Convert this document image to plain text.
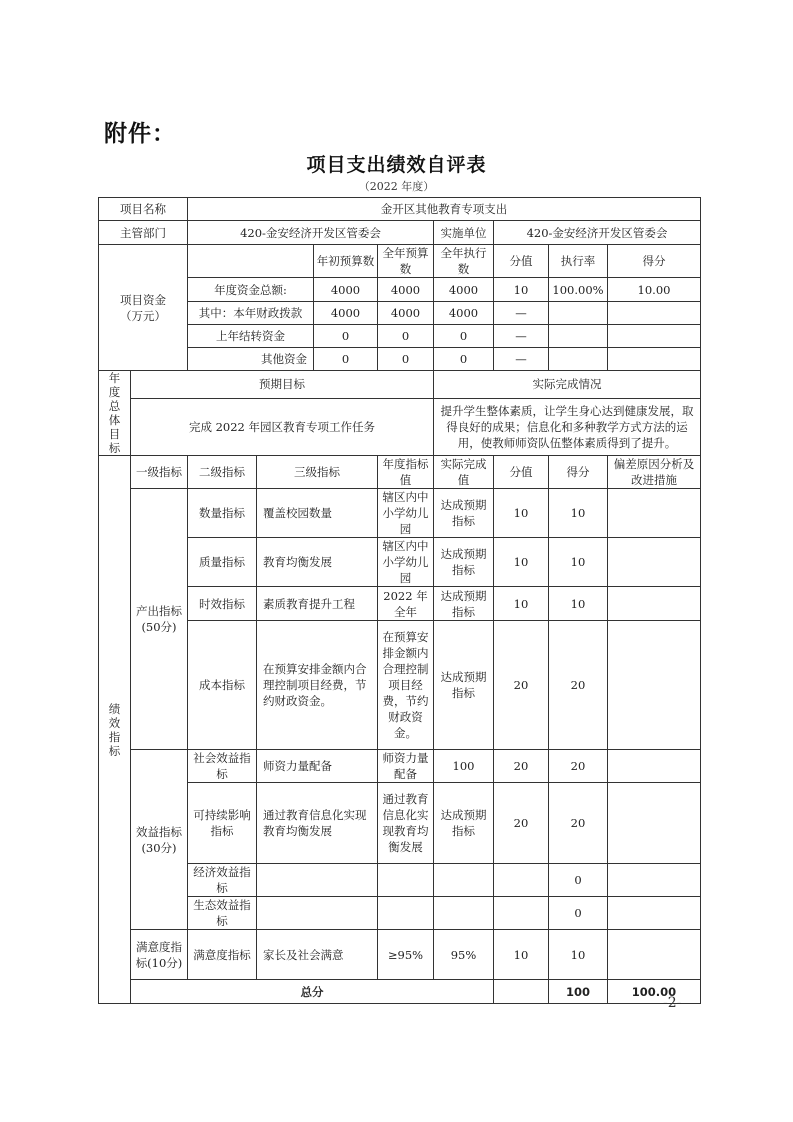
附件：
项目支出绩效自评表
（2022 年度）
项目名称		金开区其他教育专项支出								
主管部门		420-金安经济开发区管委会				实施单位	420-金安经济开发区管委会			

项目资金
（万元）				年初预算数	全年预算数	全年执行数	分值	执行率	得分	
		年度资金总额:		4000	4000	4000	10	100.00%	10.00	
		其中：本年财政拨款		4000	4000	4000	—			
		上年结转资金		0	0	0	—			
		其他资金		0	0	0	—			

年度总体目标	预期目标					实际完成情况				
	完成 2022 年园区教育专项工作任务					提升学生整体素质，让学生身心达到健康发展，取得良好的成果；信息化和多种教学方式方法的运用，使教师师资队伍整体素质得到了提升。				

绩效指标	一级指标	二级指标	三级指标		年度指标值	实际完成值	分值	得分	偏差原因分析及改进措施	
	产出指标(50分)	数量指标	覆盖校园数量		辖区内中小学幼儿园	达成预期指标	10	10		
		质量指标	教育均衡发展		辖区内中小学幼儿园	达成预期指标	10	10		
		时效指标	素质教育提升工程		2022 年全年	达成预期指标	10	10		
		成本指标	在预算安排金额内合理控制项目经费，节约财政资金。		在预算安排金额内合理控制项目经费，节约财政资金。	达成预期指标	20	20		
	效益指标(30分)	社会效益指标	师资力量配备		师资力量配备	100	20	20		
		可持续影响指标	通过教育信息化实现教育均衡发展		通过教育信息化实现教育均衡发展	达成预期指标	20	20		
		经济效益指标						0		
		生态效益指标						0		
	满意度指标(10分)	满意度指标	家长及社会满意		≥95%	95%	10	10		
	总分							100	100.00	
-2-
